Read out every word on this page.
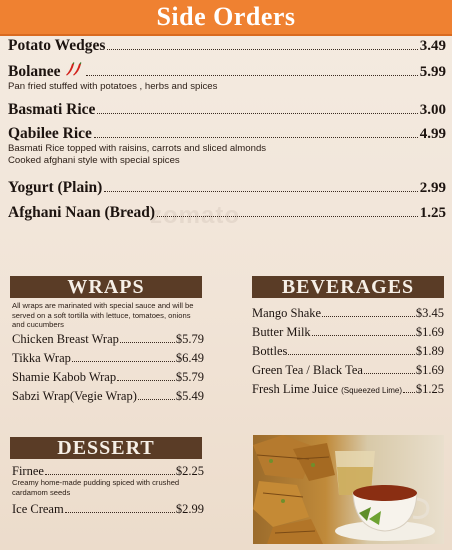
Side Orders
zomato
Potato Wedges	3.49
Bolanee	5.99
Pan fried stuffed with potatoes , herbs and spices
Basmati Rice	3.00
Qabilee Rice	4.99
Basmati Rice topped with raisins, carrots and sliced almonds
Cooked afghani style with special spices
Yogurt (Plain)	2.99
Afghani Naan (Bread)	1.25
WRAPS
All wraps are marinated with special sauce and will be served on a soft tortilla with lettuce, tomatoes, onions and cucumbers
Chicken Breast Wrap	$5.79
Tikka Wrap	$6.49
Shamie Kabob Wrap	$5.79
Sabzi Wrap(Vegie Wrap)	$5.49
BEVERAGES
Mango Shake	$3.45
Butter Milk	$1.69
Bottles	$1.89
Green Tea / Black Tea	$1.69
Fresh Lime Juice (Squeezed Lime) $1.25
DESSERT
Firnee	$2.25
Creamy home-made pudding spiced with crushed cardamom seeds
Ice Cream	$2.99
